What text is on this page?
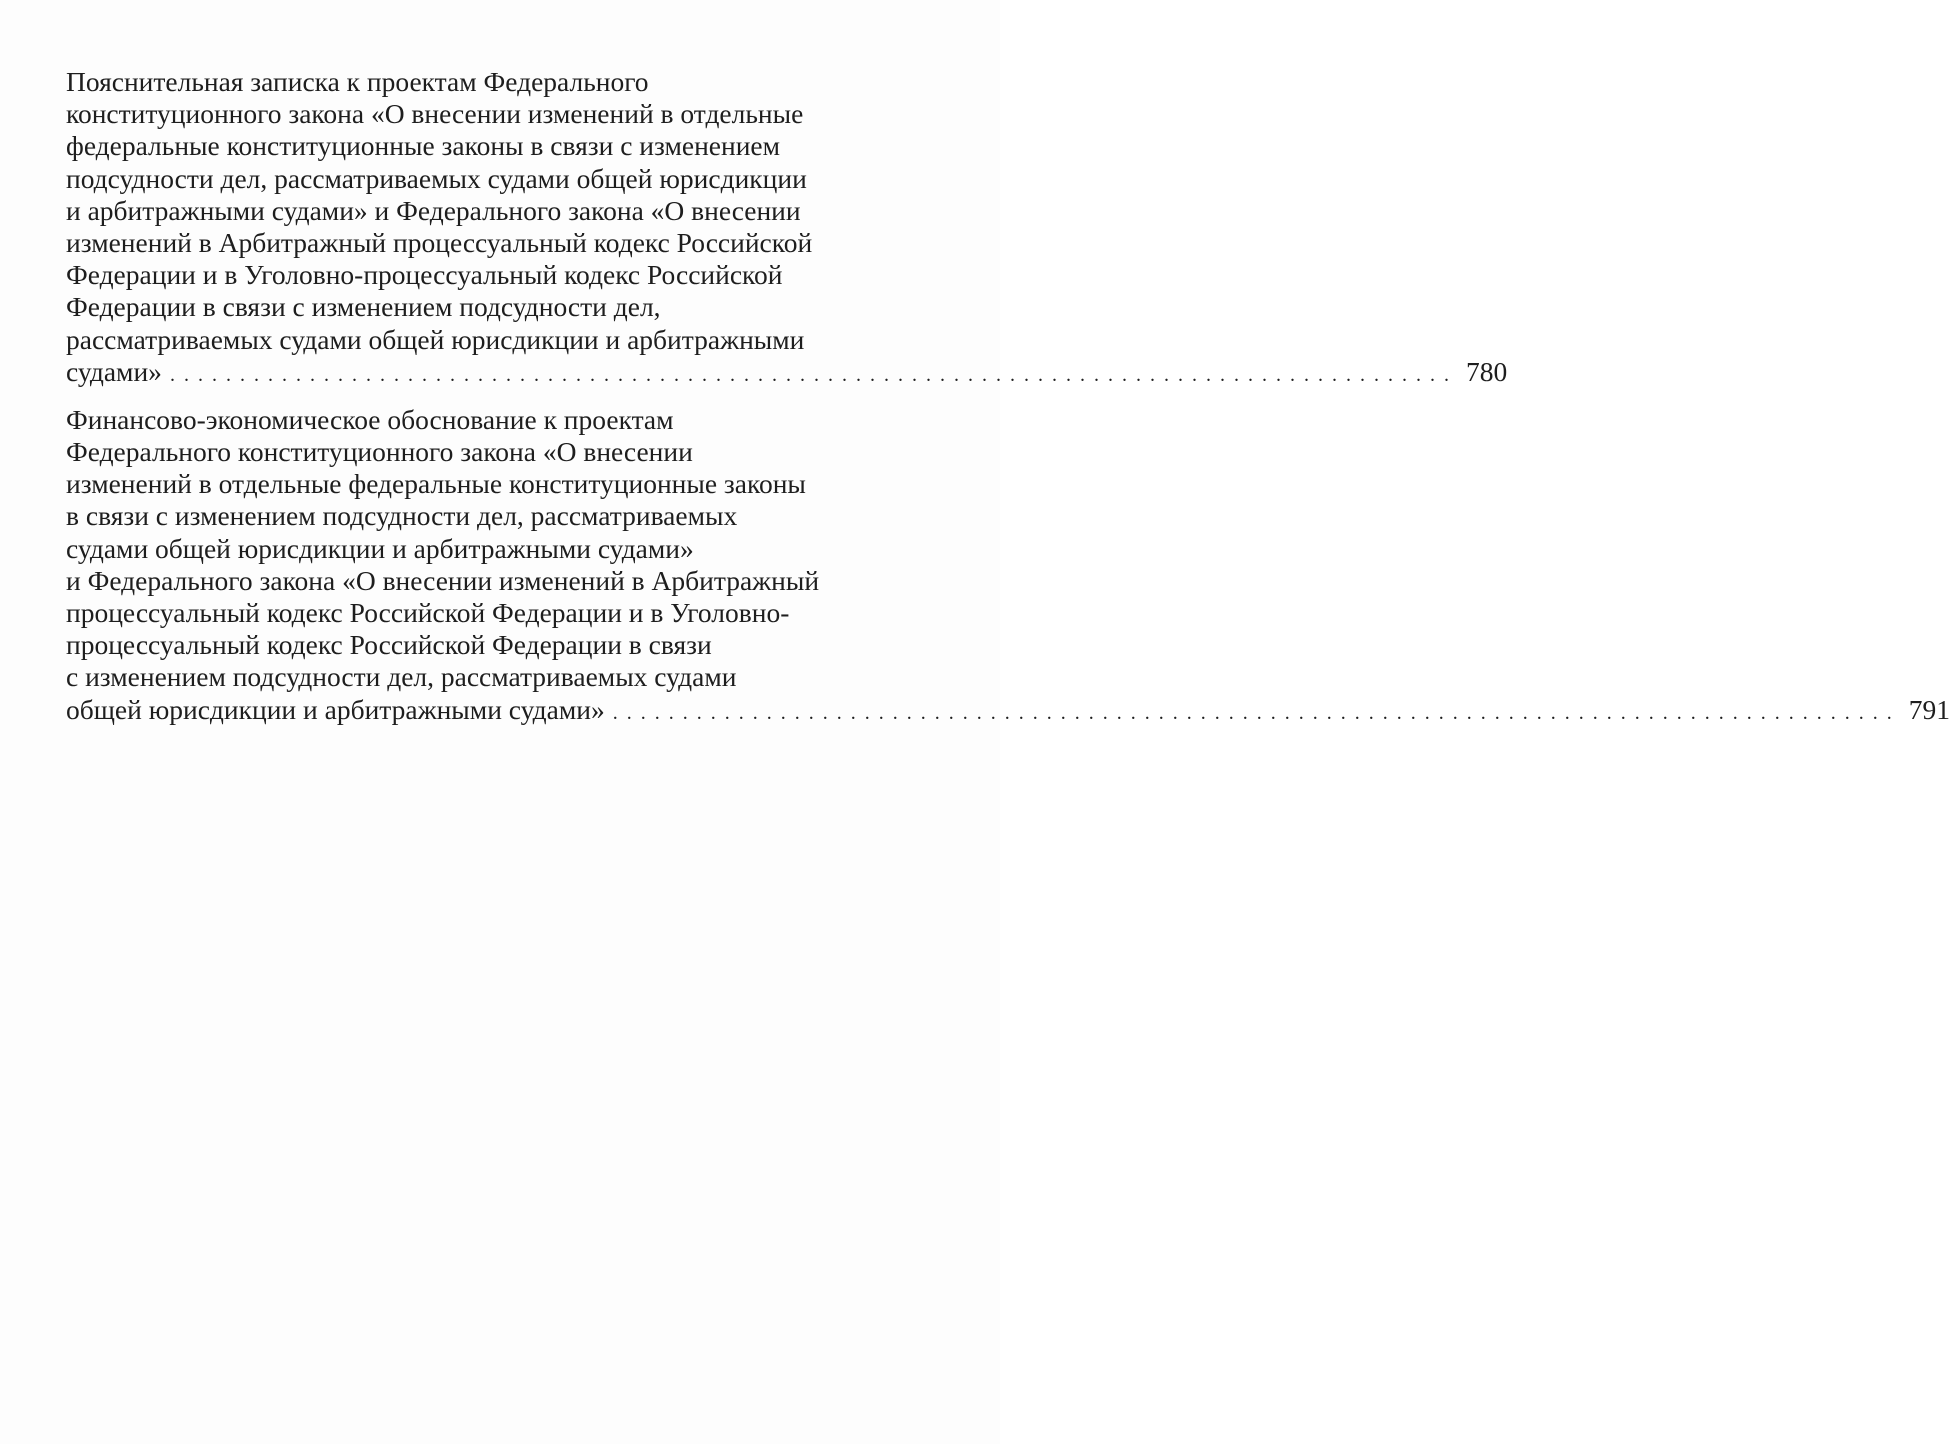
Пояснительная записка к проектам Федерального
конституционного закона «О внесении изменений в отдельные
федеральные конституционные законы в связи с изменением
подсудности дел, рассматриваемых судами общей юрисдикции
и арбитражными судами» и Федерального закона «О внесении
изменений в Арбитражный процессуальный кодекс Российской
Федерации и в Уголовно-процессуальный кодекс Российской
Федерации в связи с изменением подсудности дел,
рассматриваемых судами общей юрисдикции и арбитражными
судами» ............................................................................................ 780
Финансово-экономическое обоснование к проектам
Федерального конституционного закона «О внесении
изменений в отдельные федеральные конституционные законы
в связи с изменением подсудности дел, рассматриваемых
судами общей юрисдикции и арбитражными судами»
и Федерального закона «О внесении изменений в Арбитражный
процессуальный кодекс Российской Федерации и в Уголовно-
процессуальный кодекс Российской Федерации в связи
с изменением подсудности дел, рассматриваемых судами
общей юрисдикции и арбитражными судами» ............................................................................................ 791
